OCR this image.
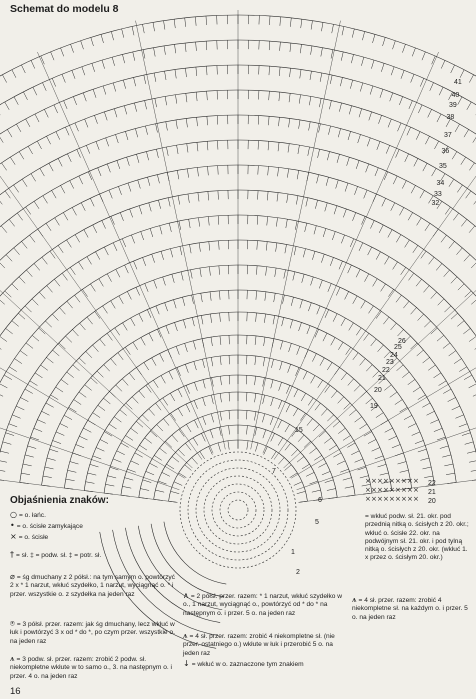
Schemat do modelu 8
× × × × × × × × ×
× × × × × × × × ×
× × × × × × × × ×
41
40
39
38
37
36
35
34
33
32
26
25
24
23
22
21
20
19
15
7
6
5
1
2
22
21
20
Objaśnienia znaków:
○ = o. łańc.
• = o. ścisłe zamykające
× = o. ścisłe
† = sł. ‡ = podw. sł. ‡ = potr. sł.
⌀ = śg dmuchany z 2 półsł.: na tym samym o. powtórzyć 2 x * 1 narzut, wkłuć szydełko, 1 narzut, wyciągnąć o. * i przer. wszystkie o. z szydełka na jeden raz
⍟ = 3 półsł. przer. razem: jak śg dmuchany, lecz wkłuć w łuk i powtórzyć 3 x od * do *, po czym przer. wszystkie o. na jeden raz
⩚ = 3 podw. sł. przer. razem: zrobić 2 podw. sł. niekompletne wkłute w to samo o., 3. na następnym o. i przer. 4 o. na jeden raz
∧ = 2 półsł. przer. razem: * 1 narzut, wkłuć szydełko w o., 1 narzut, wyciągnąć o., powtórzyć od * do * na następnym o. i przer. 5 o. na jeden raz
⩚ = 4 sł. przer. razem: zrobić 4 niekompletne sł. (nie przer. ostatniego o.) wkłute w łuk i przerobić 5 o. na jeden raz
↓ = wkłuć w o. zaznaczone tym znakiem
= wkłuć podw. sł. 21. okr. pod przednią nitką o. ścisłych z 20. okr.; wkłuć o. ścisłe 22. okr. na podwójnym sł. 21. okr. i pod tylną nitką o. ścisłych z 20. okr. (wkłuć 1. x przez o. ścisłym 20. okr.)
⩚ = 4 sł. przer. razem: zrobić 4 niekompletne sł. na każdym o. i przer. 5 o. na jeden raz
16
